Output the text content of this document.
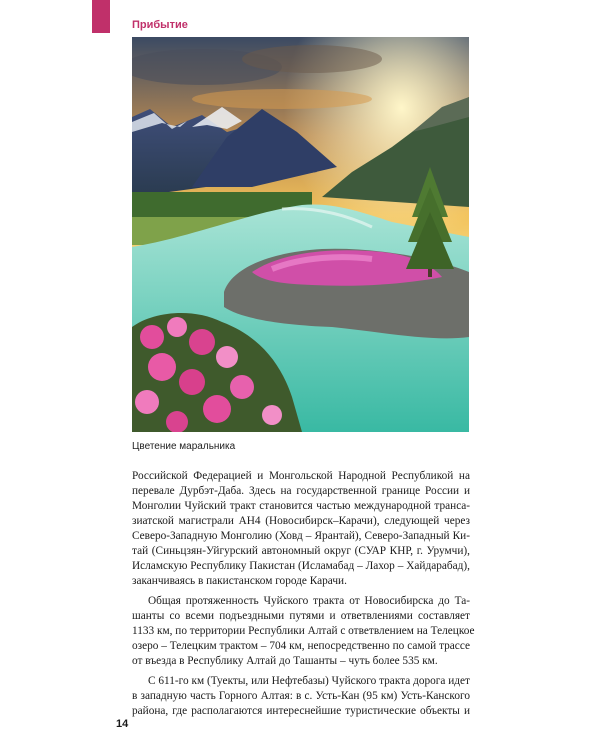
Прибытие
Цветение маральника
Российской Федерацией и Монгольской Народной Республикой на
перевале Дурбэт-Даба. Здесь на государственной границе России и
Монголии Чуйский тракт становится частью международной трансa-
зиатской магистрали АН4 (Новосибирск–Карачи), следующей через
Северо-Западную Монголию (Ховд – Ярантай), Северо-Западный Ки-
тай (Синьцзян-Уйгурский автономный округ (СУАР КНР, г. Урумчи),
Исламскую Республику Пакистан (Исламабад – Лахор – Хайдарабад),
заканчиваясь в пакистанском городе Карачи.
Общая протяженность Чуйского тракта от Новосибирска до Та-
шанты со всеми подъездными путями и ответвлениями составляет
1133 км, по территории Республики Алтай с ответвлением на Телецкое
озеро – Телецким трактом – 704 км, непосредственно по самой трассе
от въезда в Республику Алтай до Ташанты – чуть более 535 км.
С 611-го км (Туекты, или Нефтебазы) Чуйского тракта дорога идет
в западную часть Горного Алтая: в с. Усть-Кан (95 км) Усть-Канского
района, где располагаются интереснейшие туристические объекты и
14
